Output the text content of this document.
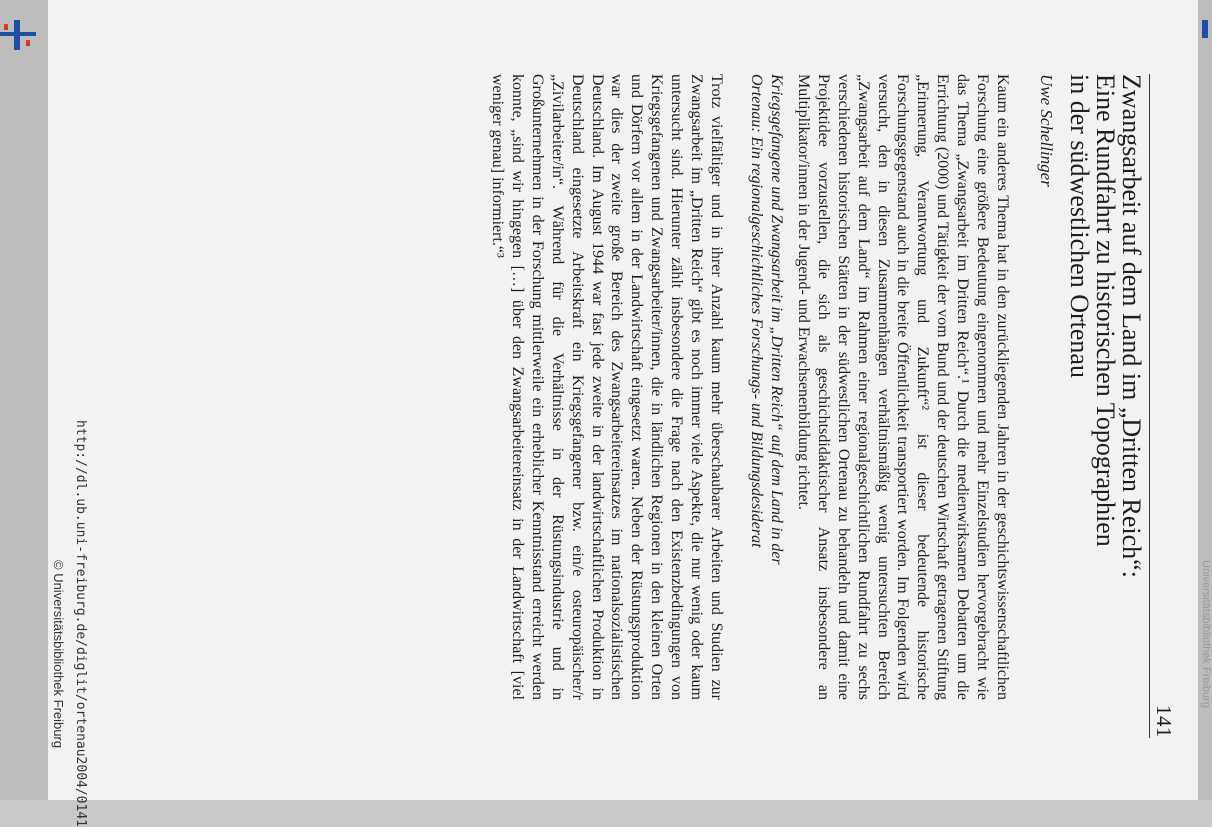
141
Zwangsarbeit auf dem Land im „Dritten Reich“:
Eine Rundfahrt zu historischen Topographien
in der südwestlichen Ortenau
Uwe Schellinger

Kaum ein anderes Thema hat in den zurückliegenden Jahren in der geschichtswissenschaftlichen Forschung eine größere Bedeutung eingenommen und mehr Einzelstudien hervorgebracht wie das Thema „Zwangsarbeit im Dritten Reich“.¹ Durch die medienwirksamen Debatten um die Errichtung (2000) und Tätigkeit der vom Bund und der deutschen Wirtschaft getragenen Stiftung „Erinnerung, Verantwortung und Zukunft“² ist dieser bedeutende historische Forschungsgegenstand auch in die breite Öffentlichkeit transportiert worden. Im Folgenden wird versucht, den in diesen Zusammenhängen verhältnismäßig wenig untersuchten Bereich „Zwangsarbeit auf dem Land“ im Rahmen einer regionalgeschichtlichen Rundfahrt zu sechs verschiedenen historischen Stätten in der südwestlichen Ortenau zu behandeln und damit eine Projektidee vorzustellen, die sich als geschichtsdidaktischer Ansatz insbesondere an Multiplikator/innen in der Jugend- und Erwachsenenbildung richtet.

Kriegsgefangene und Zwangsarbeit im „Dritten Reich“ auf dem Land in der Ortenau: Ein regionalgeschichtliches Forschungs- und Bildungsdesiderat

Trotz vielfältiger und in ihrer Anzahl kaum mehr überschaubarer Arbeiten und Studien zur Zwangsarbeit im „Dritten Reich“ gibt es noch immer viele Aspekte, die nur wenig oder kaum untersucht sind. Hierunter zählt insbesondere die Frage nach den Existenzbedingungen von Kriegsgefangenen und Zwangsarbeiter/innen, die in ländlichen Regionen in den kleinen Orten und Dörfern vor allem in der Landwirtschaft eingesetzt waren. Neben der Rüstungsproduktion war dies der zweite große Bereich des Zwangsarbeitereinsatzes im nationalsozialistischen Deutschland. Im August 1944 war fast jede zweite in der landwirtschaftlichen Produktion in Deutschland eingesetzte Arbeitskraft ein Kriegsgefangener bzw. ein/e osteuropäischer/r „Zivilarbeiter/in“. Während für die Verhältnisse in der Rüstungsindustrie und in Großunternehmen in der Forschung mittlerweile ein erheblicher Kenntnisstand erreicht werden konnte, „sind wir hingegen […] über den Zwangsarbeitereinsatz in der Landwirtschaft [viel weniger genau] informiert.“³

http://dl.ub.uni-freiburg.de/diglit/ortenau2004/0141
© Universitätsbibliothek Freiburg	Universitätsbibliothek Freiburg
